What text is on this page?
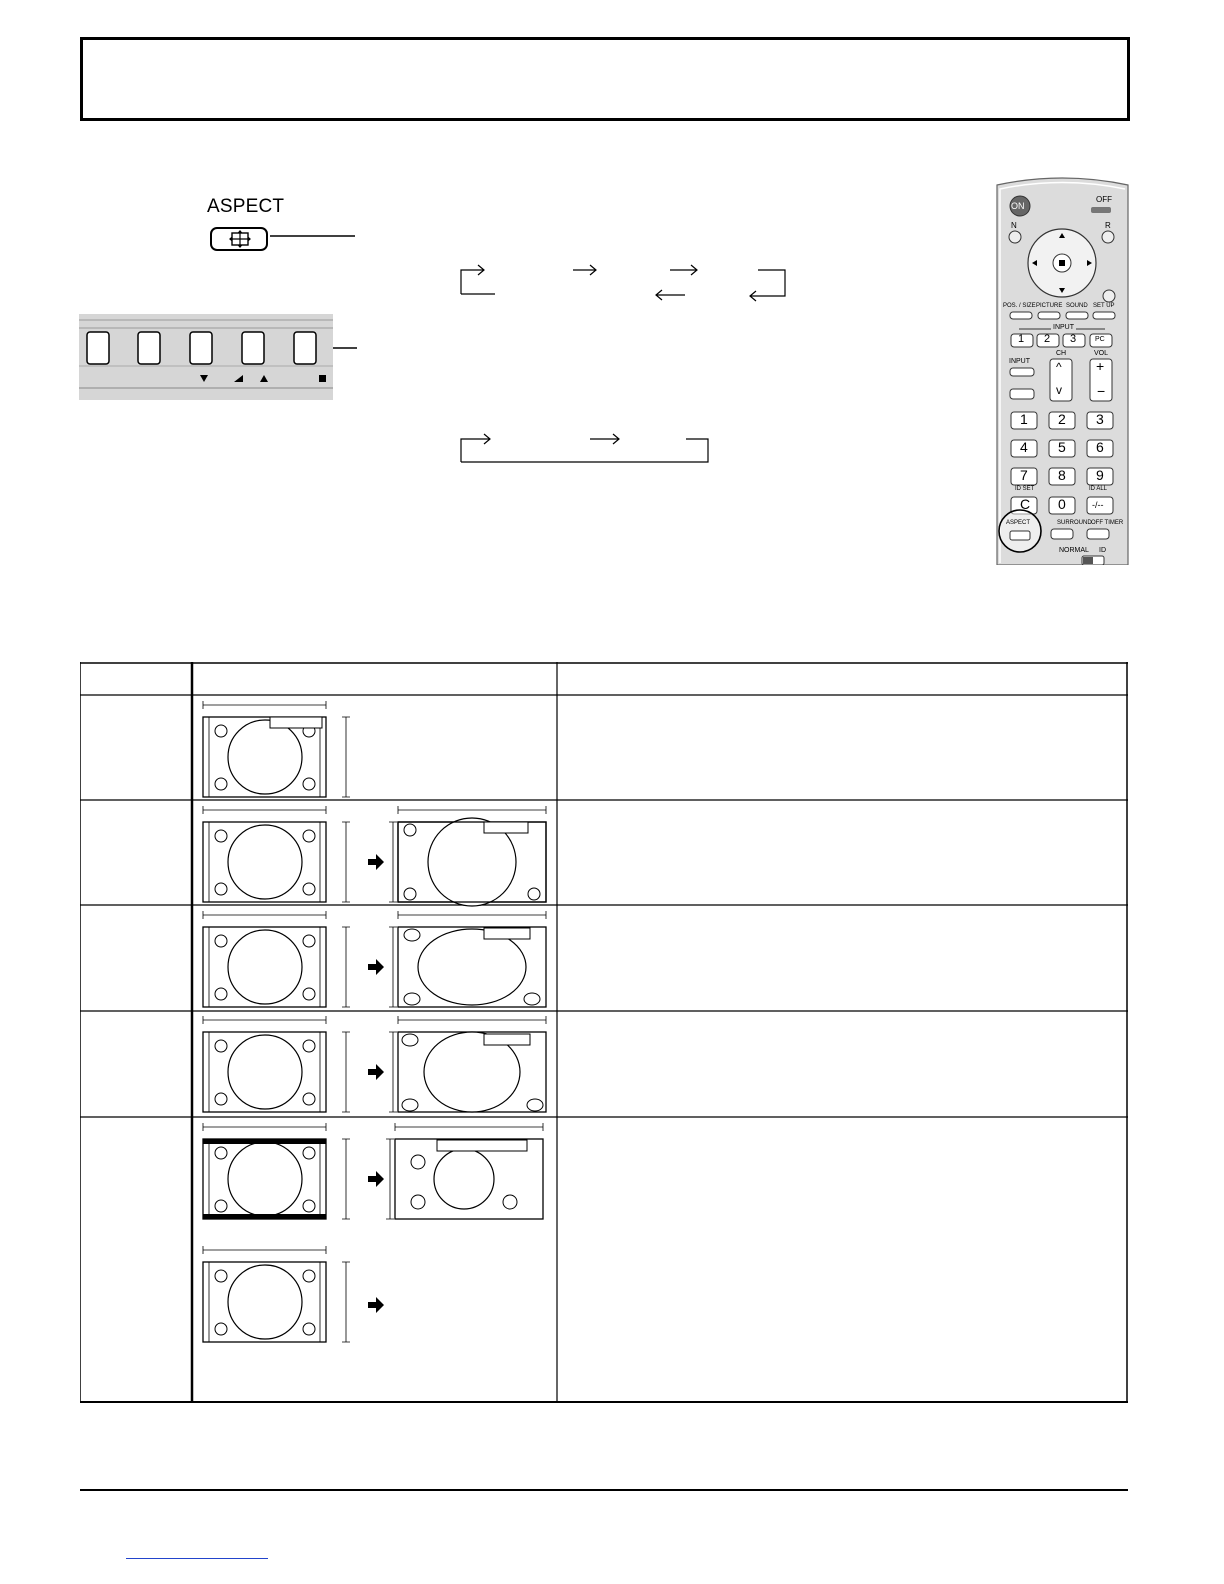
ASPECT	ON
OFF
N	R
POS. / SIZE PICTURE SOUND SET UP
INPUT
1 2 3	PC
INPUT
CH	VOL
^
v
+
−
1 2 3
4 5 6
7 8 9
ID SET	ID ALL
C 0	-/--
ASPECT	SURROUND OFF TIMER
NORMAL ID
